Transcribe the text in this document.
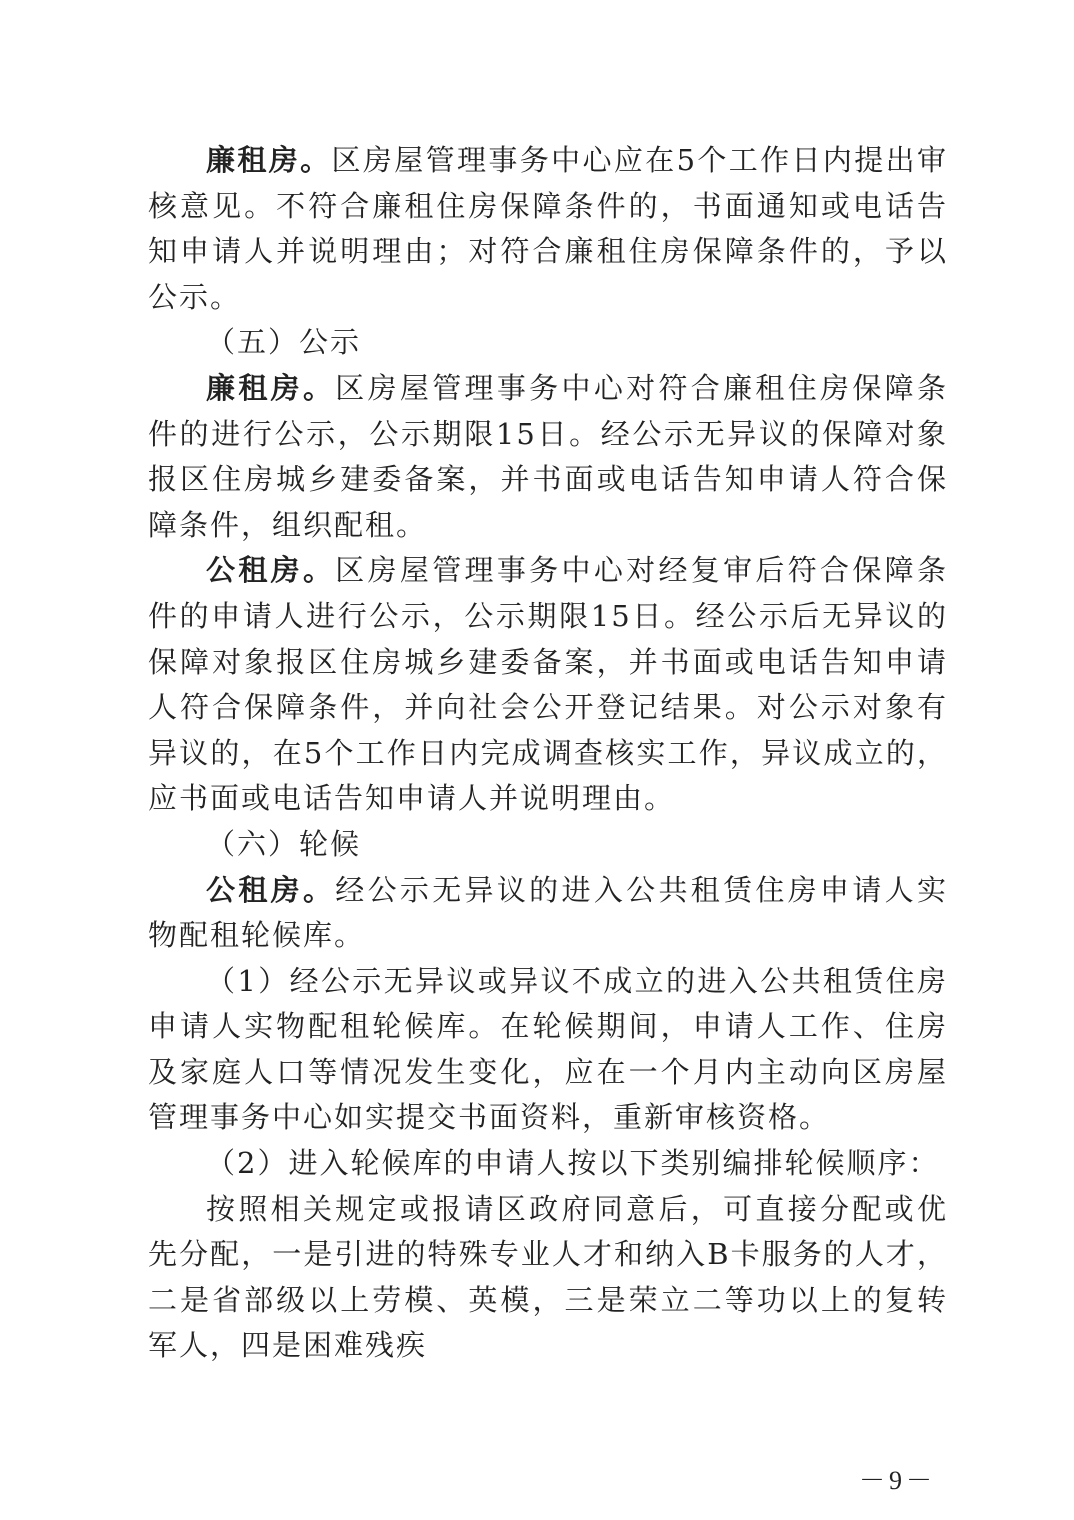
廉租房。区房屋管理事务中心应在5个工作日内提出审核意见。不符合廉租住房保障条件的，书面通知或电话告知申请人并说明理由；对符合廉租住房保障条件的，予以公示。

（五）公示

廉租房。区房屋管理事务中心对符合廉租住房保障条件的进行公示，公示期限15日。经公示无异议的保障对象报区住房城乡建委备案，并书面或电话告知申请人符合保障条件，组织配租。

公租房。区房屋管理事务中心对经复审后符合保障条件的申请人进行公示，公示期限15日。经公示后无异议的保障对象报区住房城乡建委备案，并书面或电话告知申请人符合保障条件，并向社会公开登记结果。对公示对象有异议的，在5个工作日内完成调查核实工作，异议成立的，应书面或电话告知申请人并说明理由。

（六）轮候

公租房。经公示无异议的进入公共租赁住房申请人实物配租轮候库。

（1）经公示无异议或异议不成立的进入公共租赁住房申请人实物配租轮候库。在轮候期间，申请人工作、住房及家庭人口等情况发生变化，应在一个月内主动向区房屋管理事务中心如实提交书面资料，重新审核资格。

（2）进入轮候库的申请人按以下类别编排轮候顺序：

按照相关规定或报请区政府同意后，可直接分配或优先分配，一是引进的特殊专业人才和纳入B卡服务的人才，二是省部级以上劳模、英模，三是荣立二等功以上的复转军人，四是困难残疾

－9－
